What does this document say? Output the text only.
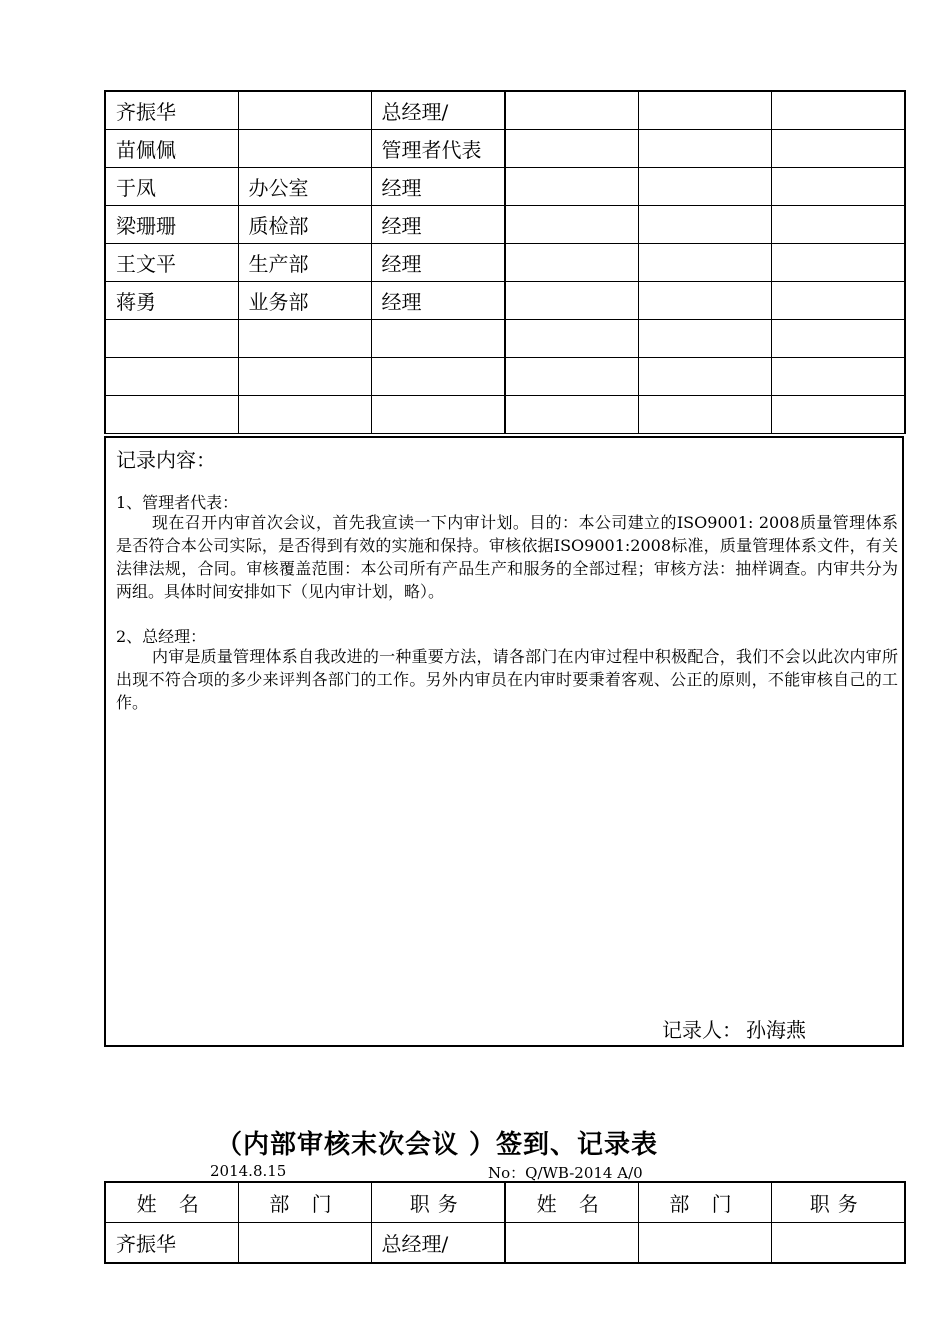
齐振华		总经理/			
苗佩佩		管理者代表			
于凤	办公室	经理			
梁珊珊	质检部	经理			
王文平	生产部	经理			
蒋勇	业务部	经理			

记录内容：
1、管理者代表：
现在召开内审首次会议，首先我宣读一下内审计划。目的：本公司建立的ISO9001: 2008质量管理体系是否符合本公司实际，是否得到有效的实施和保持。审核依据ISO9001:2008标准，质量管理体系文件，有关法律法规，合同。审核覆盖范围：本公司所有产品生产和服务的全部过程；审核方法：抽样调查。内审共分为两组。具体时间安排如下（见内审计划，略）。
2、总经理：
内审是质量管理体系自我改进的一种重要方法，请各部门在内审过程中积极配合，我们不会以此次内审所出现不符合项的多少来评判各部门的工作。另外内审员在内审时要秉着客观、公正的原则，不能审核自己的工作。
记录人： 孙海燕
（内部审核末次会议 ）签到、记录表
2014.8.15	No：Q/WB-2014 A/0
姓 名	部 门	职务	姓 名	部 门	职务
齐振华		总经理/			
